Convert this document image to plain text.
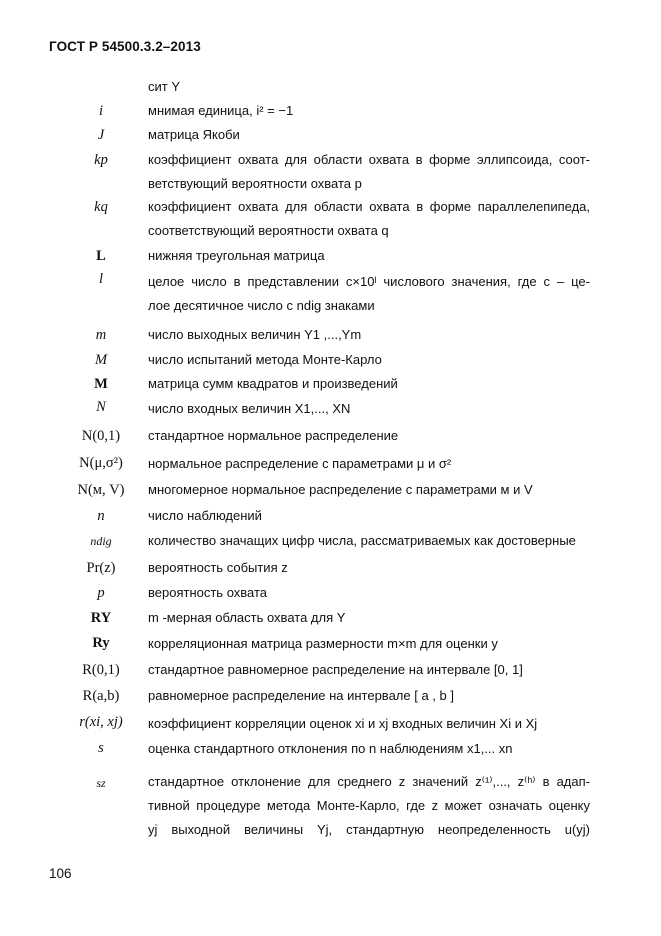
ГОСТ Р 54500.3.2–2013
i
J
kp
kq
L
l
m
M
M
N
N(0,1)
N(μ,σ²)
N(м, V)
n
ndig
Pr(z)
p
RY
Ry
R(0,1)
R(a,b)
r(xi, xj)
s
sz
сит Y
мнимая единица, i² = −1
матрица Якоби
коэффициент охвата для области охвата в форме эллипсоида, соот-
ветствующий вероятности охвата p
коэффициент охвата для области охвата в форме параллелепипеда,
соответствующий вероятности охвата q
нижняя треугольная матрица
целое число в представлении c×10ˡ числового значения, где c – це-
лое десятичное число с ndig знаками
число выходных величин Y1 ,...,Ym
число испытаний метода Монте-Карло
матрица сумм квадратов и произведений
число входных величин X1,..., XN
стандартное нормальное распределение
нормальное распределение с параметрами μ и σ²
многомерное нормальное распределение с параметрами м и V
число наблюдений
количество значащих цифр числа, рассматриваемых как достоверные
вероятность события z
вероятность охвата
m -мерная область охвата для Y
корреляционная матрица размерности m×m для оценки y
стандартное равномерное распределение на интервале [0, 1]
равномерное распределение на интервале [ a , b ]
коэффициент корреляции оценок xi и xj входных величин Xi и Xj
оценка стандартного отклонения по n наблюдениям x1,... xn
стандартное отклонение для среднего z значений z⁽¹⁾,..., z⁽ʰ⁾ в адап-
тивной процедуре метода Монте-Карло, где z может означать оценку
yj выходной величины Yj, стандартную неопределенность u(yj)
106
